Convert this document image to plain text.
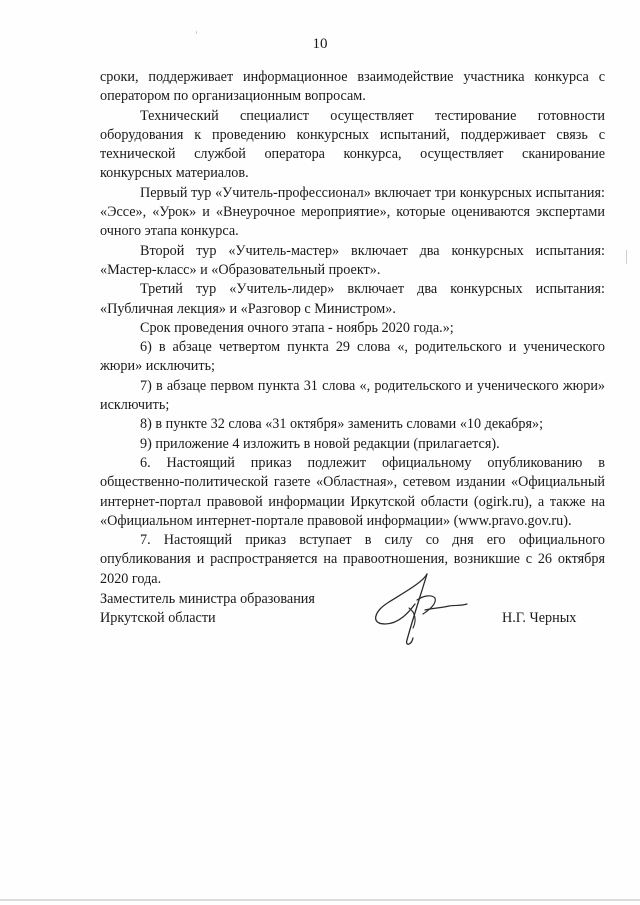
10

сроки, поддерживает информационное взаимодействие участника конкурса с оператором по организационным вопросам.

Технический специалист осуществляет тестирование готовности оборудования к проведению конкурсных испытаний, поддерживает связь с технической службой оператора конкурса, осуществляет сканирование конкурсных материалов.

Первый тур «Учитель-профессионал» включает три конкурсных испытания: «Эссе», «Урок» и «Внеурочное мероприятие», которые оцениваются экспертами очного этапа конкурса.

Второй тур «Учитель-мастер» включает два конкурсных испытания: «Мастер-класс» и «Образовательный проект».

Третий тур «Учитель-лидер» включает два конкурсных испытания: «Публичная лекция» и «Разговор с Министром».

Срок проведения очного этапа - ноябрь 2020 года.»;

6) в абзаце четвертом пункта 29 слова «, родительского и ученического жюри» исключить;

7) в абзаце первом пункта 31 слова «, родительского и ученического жюри» исключить;

8) в пункте 32 слова «31 октября» заменить словами «10 декабря»;

9) приложение 4 изложить в новой редакции (прилагается).

6. Настоящий приказ подлежит официальному опубликованию в общественно-политической газете «Областная», сетевом издании «Официальный интернет-портал правовой информации Иркутской области (ogirk.ru), а также на «Официальном интернет-портале правовой информации» (www.pravo.gov.ru).

7. Настоящий приказ вступает в силу со дня его официального опубликования и распространяется на правоотношения, возникшие с 26 октября 2020 года.

Заместитель министра образования
Иркутской области	Н.Г. Черных
